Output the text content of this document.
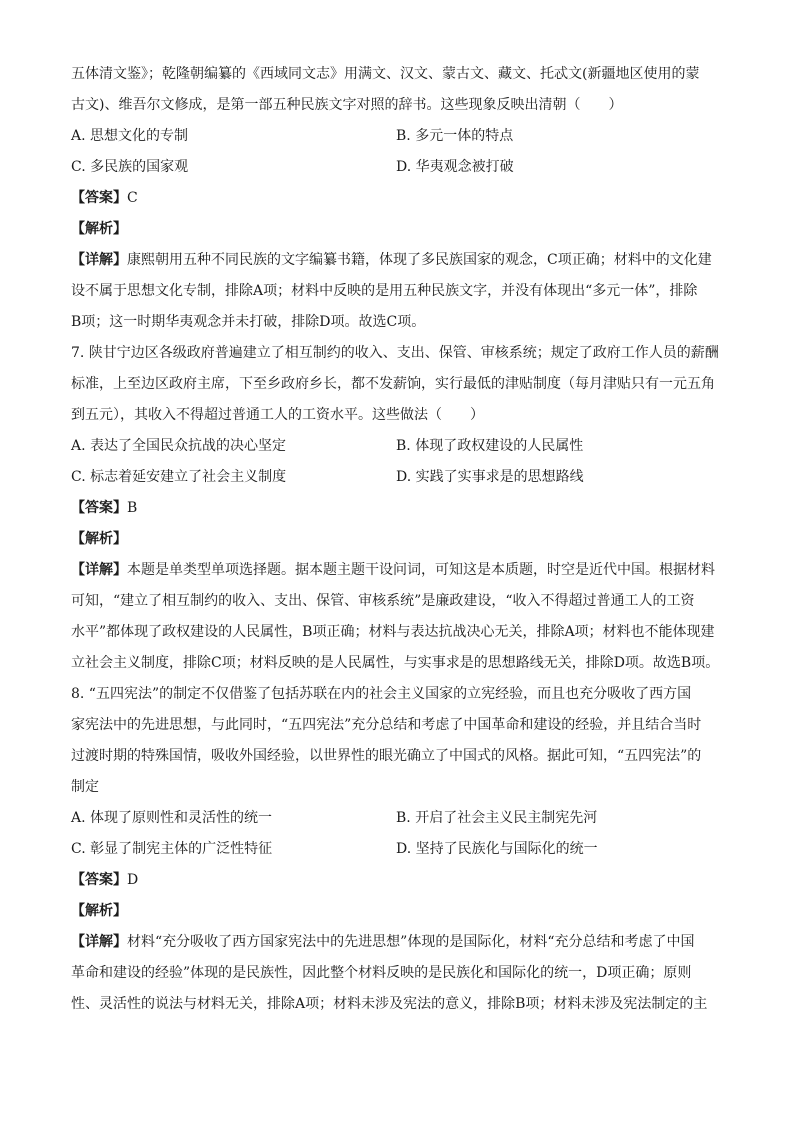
五体清文鉴》；乾隆朝编纂的《西域同文志》用满文、汉文、蒙古文、藏文、托忒文(新疆地区使用的蒙
古文)、维吾尔文修成，是第一部五种民族文字对照的辞书。这些现象反映出清朝（　　）
A. 思想文化的专制	B. 多元一体的特点
C. 多民族的国家观	D. 华夷观念被打破
【答案】C
【解析】
【详解】康熙朝用五种不同民族的文字编纂书籍，体现了多民族国家的观念，C项正确；材料中的文化建
设不属于思想文化专制，排除A项；材料中反映的是用五种民族文字，并没有体现出“多元一体”，排除
B项；这一时期华夷观念并未打破，排除D项。故选C项。
7. 陕甘宁边区各级政府普遍建立了相互制约的收入、支出、保管、审核系统；规定了政府工作人员的薪酬
标准，上至边区政府主席，下至乡政府乡长，都不发薪饷，实行最低的津贴制度（每月津贴只有一元五角
到五元），其收入不得超过普通工人的工资水平。这些做法（　　）
A. 表达了全国民众抗战的决心坚定	B. 体现了政权建设的人民属性
C. 标志着延安建立了社会主义制度	D. 实践了实事求是的思想路线
【答案】B
【解析】
【详解】本题是单类型单项选择题。据本题主题干设问词，可知这是本质题，时空是近代中国。根据材料
可知，“建立了相互制约的收入、支出、保管、审核系统”是廉政建设，“收入不得超过普通工人的工资
水平”都体现了政权建设的人民属性，B项正确；材料与表达抗战决心无关，排除A项；材料也不能体现建
立社会主义制度，排除C项；材料反映的是人民属性，与实事求是的思想路线无关，排除D项。故选B项。
8. “五四宪法”的制定不仅借鉴了包括苏联在内的社会主义国家的立宪经验，而且也充分吸收了西方国
家宪法中的先进思想，与此同时，“五四宪法”充分总结和考虑了中国革命和建设的经验，并且结合当时
过渡时期的特殊国情，吸收外国经验，以世界性的眼光确立了中国式的风格。据此可知，“五四宪法”的
制定
A. 体现了原则性和灵活性的统一	B. 开启了社会主义民主制宪先河
C. 彰显了制宪主体的广泛性特征	D. 坚持了民族化与国际化的统一
【答案】D
【解析】
【详解】材料“充分吸收了西方国家宪法中的先进思想”体现的是国际化，材料“充分总结和考虑了中国
革命和建设的经验”体现的是民族性，因此整个材料反映的是民族化和国际化的统一，D项正确；原则
性、灵活性的说法与材料无关，排除A项；材料未涉及宪法的意义，排除B项；材料未涉及宪法制定的主
